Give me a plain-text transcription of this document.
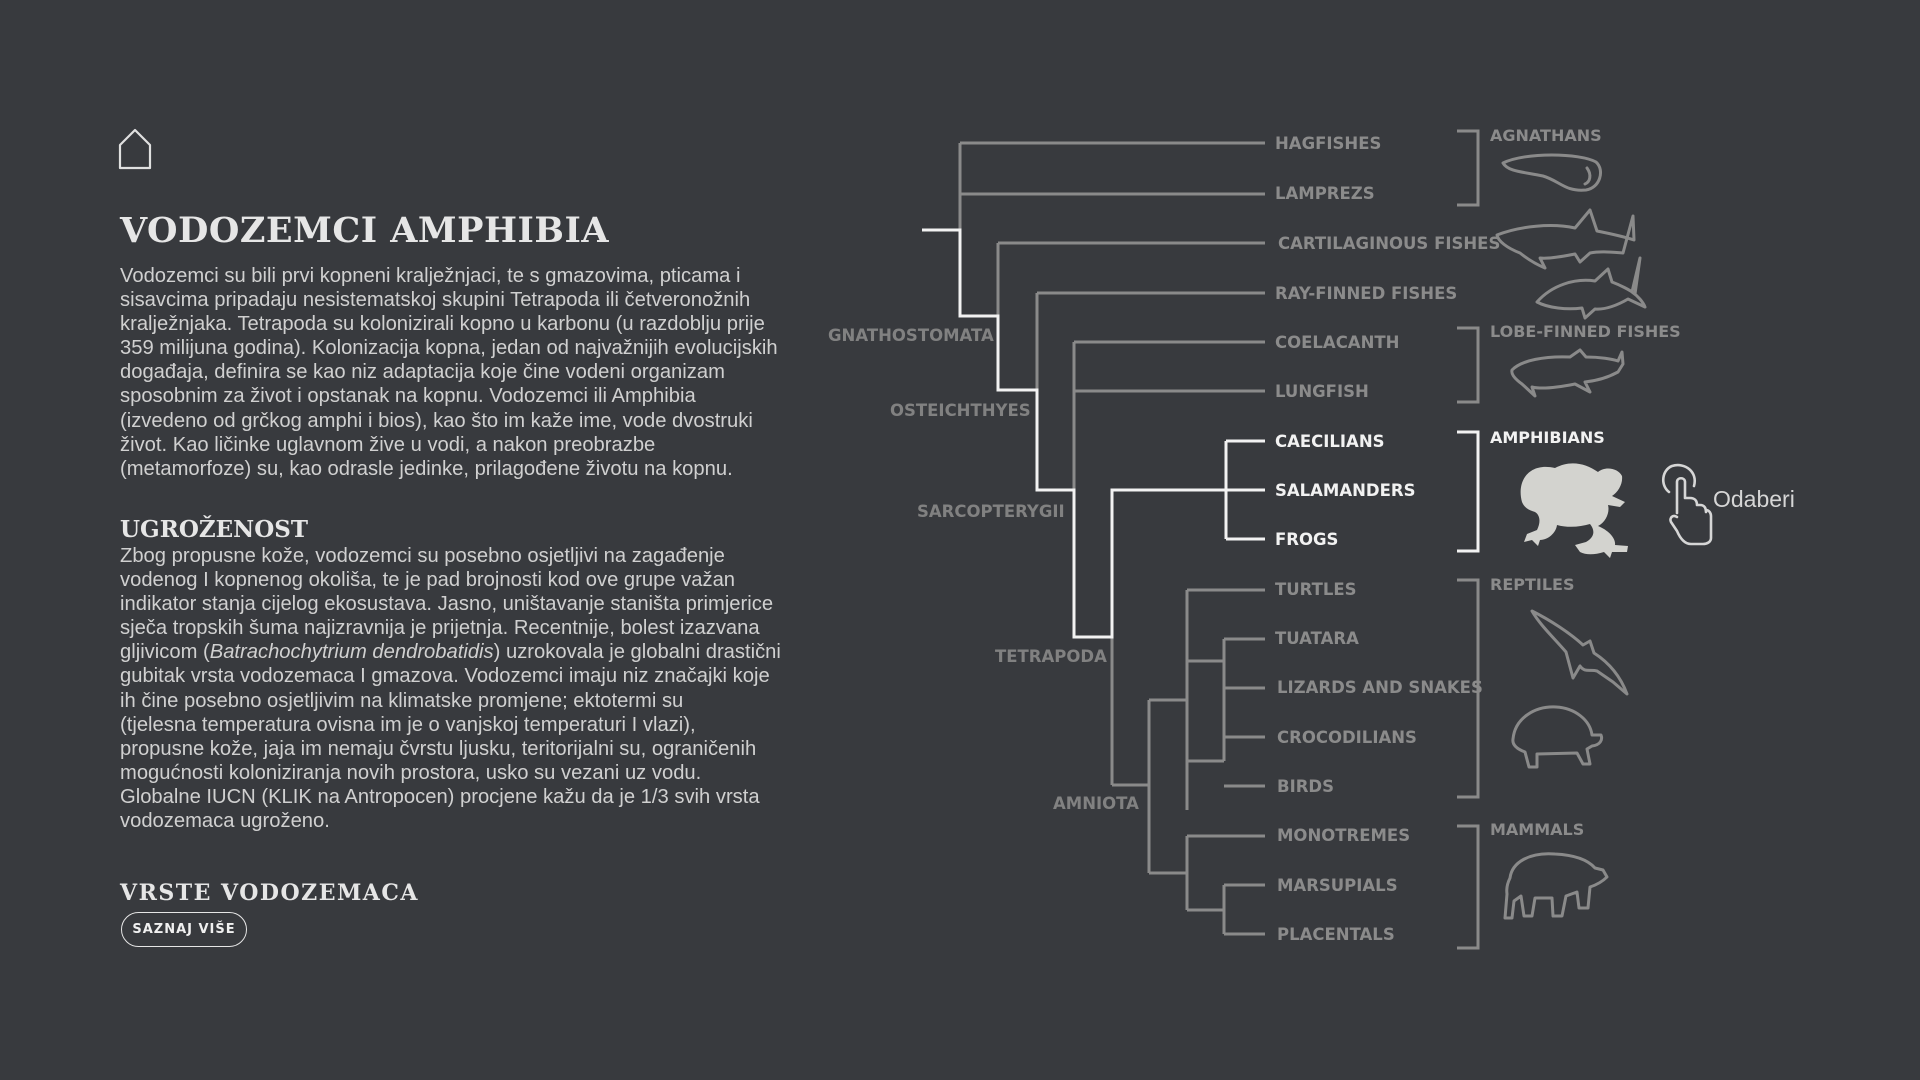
VODOZEMCI AMPHIBIA

Vodozemci su bili prvi kopneni kralježnjaci, te s gmazovima, pticama i
sisavcima pripadaju nesistematskoj skupini Tetrapoda ili četveronožnih
kralježnjaka. Tetrapoda su kolonizirali kopno u karbonu (u razdoblju prije
359 milijuna godina). Kolonizacija kopna, jedan od najvažnijih evolucijskih
događaja, definira se kao niz adaptacija koje čine vodeni organizam
sposobnim za život i opstanak na kopnu. Vodozemci ili Amphibia
(izvedeno od grčkog amphi i bios), kao što im kaže ime, vode dvostruki
život. Kao ličinke uglavnom žive u vodi, a nakon preobrazbe
(metamorfoze) su, kao odrasle jedinke, prilagođene životu na kopnu.

UGROŽENOST

Zbog propusne kože, vodozemci su posebno osjetljivi na zagađenje
vodenog I kopnenog okoliša, te je pad brojnosti kod ove grupe važan
indikator stanja cijelog ekosustava. Jasno, uništavanje staništa primjerice
sječa tropskih šuma najizravnija je prijetnja. Recentnije, bolest izazvana
gljivicom (Batrachochytrium dendrobatidis) uzrokovala je globalni drastični
gubitak vrsta vodozemaca I gmazova. Vodozemci imaju niz značajki koje
ih čine posebno osjetljivim na klimatske promjene; ektotermi su
(tjelesna temperatura ovisna im je o vanjskoj temperaturi I vlazi),
propusne kože, jaja im nemaju čvrstu ljusku, teritorijalni su, ograničenih
mogućnosti koloniziranja novih prostora, usko su vezani uz vodu.
Globalne IUCN (KLIK na Antropocen) procjene kažu da je 1/3 svih vrsta
vodozemaca ugroženo.

VRSTE VODOZEMACA
SAZNAJ VIŠE
HAGFISHES
LAMPREZS
CARTILAGINOUS FISHES
RAY-FINNED FISHES
COELACANTH
LUNGFISH
CAECILIANS
SALAMANDERS
FROGS
TURTLES
TUATARA
LIZARDS AND SNAKES
CROCODILIANS
BIRDS
MONOTREMES
MARSUPIALS
PLACENTALS
GNATHOSTOMATA
OSTEICHTHYES
SARCOPTERYGII
TETRAPODA
AMNIOTA
AGNATHANS
LOBE-FINNED FISHES
AMPHIBIANS
REPTILES
MAMMALS
Odaberi
